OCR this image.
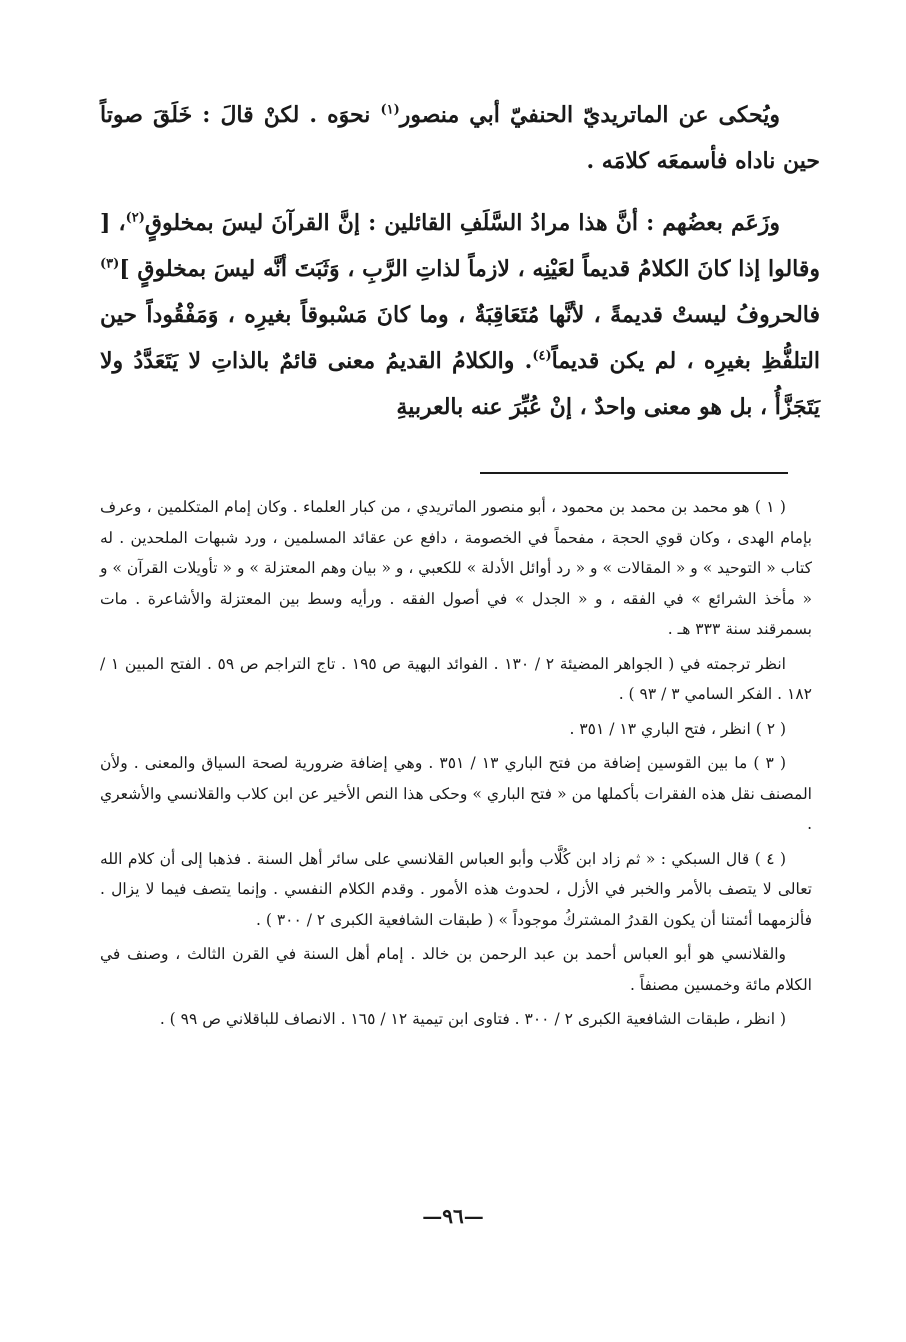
ويُحكى عن الماتريديّ الحنفيّ أبي منصور$^{(١)}$ نحوَه . لكنْ قالَ : خَلَقَ صوتاً حين ناداه فأسمعَه كلامَه .

وزَعَم بعضُهم : أنَّ هذا مرادُ السَّلَفِ القائلين : إنَّ القرآنَ ليسَ بمخلوقٍ$^{(٢)}$، [ وقالوا إذا كانَ الكلامُ قديماً لعَيْنِه ، لازماً لذاتِ الرَّبِ ، وَثَبَتَ أنَّه ليسَ بمخلوقٍ ]$^{(٣)}$ فالحروفُ ليستْ قديمةً ، لأنَّها مُتَعَاقِبَةٌ ، وما كانَ مَسْبوقاً بغيرِه ، وَمَفْقُوداً حين التلفُّظِ بغيرِه ، لم يكن قديماً$^{(٤)}$. والكلامُ القديمُ معنى قائمٌ بالذاتِ لا يَتَعَدَّدُ ولا يَتَجَزَّأُ ، بل هو معنى واحدٌ ، إنْ عُبِّرَ عنه بالعربيةِ

( ١ ) هو محمد بن محمد بن محمود ، أبو منصور الماتريدي ، من كبار العلماء . وكان إمام المتكلمين ، وعرف بإمام الهدى ، وكان قوي الحجة ، مفحماً في الخصومة ، دافع عن عقائد المسلمين ، ورد شبهات الملحدين . له كتاب « التوحيد » و « المقالات » و « رد أوائل الأدلة » للكعبي ، و « بيان وهم المعتزلة » و « تأويلات القرآن » و « مأخذ الشرائع » في الفقه ، و « الجدل » في أصول الفقه . ورأيه وسط بين المعتزلة والأشاعرة . مات بسمرقند سنة ٣٣٣ هـ .

انظر ترجمته في ( الجواهر المضيئة ٢ / ١٣٠ . الفوائد البهية ص ١٩٥ . تاج التراجم ص ٥٩ . الفتح المبين ١ / ١٨٢ . الفكر السامي ٣ / ٩٣ ) .

( ٢ ) انظر ، فتح الباري ١٣ / ٣٥١ .

( ٣ ) ما بين القوسين إضافة من فتح الباري ١٣ / ٣٥١ . وهي إضافة ضرورية لصحة السياق والمعنى . ولأن المصنف نقل هذه الفقرات بأكملها من « فتح الباري » وحكى هذا النص الأخير عن ابن كلاب والقلانسي والأشعري .

( ٤ ) قال السبكي : « ثم زاد ابن كُلَّاب وأبو العباس القلانسي على سائر أهل السنة . فذهبا إلى أن كلام الله تعالى لا يتصف بالأمر والخبر في الأزل ، لحدوث هذه الأمور . وقدم الكلام النفسي . وإنما يتصف فيما لا يزال . فألزمهما أئمتنا أن يكون القدرُ المشتركُ موجوداً » ( طبقات الشافعية الكبرى ٢ / ٣٠٠ ) .

والقلانسي هو أبو العباس أحمد بن عبد الرحمن بن خالد . إمام أهل السنة في القرن الثالث ، وصنف في الكلام مائة وخمسين مصنفاً .

( انظر ، طبقات الشافعية الكبرى ٢ / ٣٠٠ . فتاوى ابن تيمية ١٢ / ١٦٥ . الانصاف للباقلاني ص ٩٩ ) .

—٩٦—
